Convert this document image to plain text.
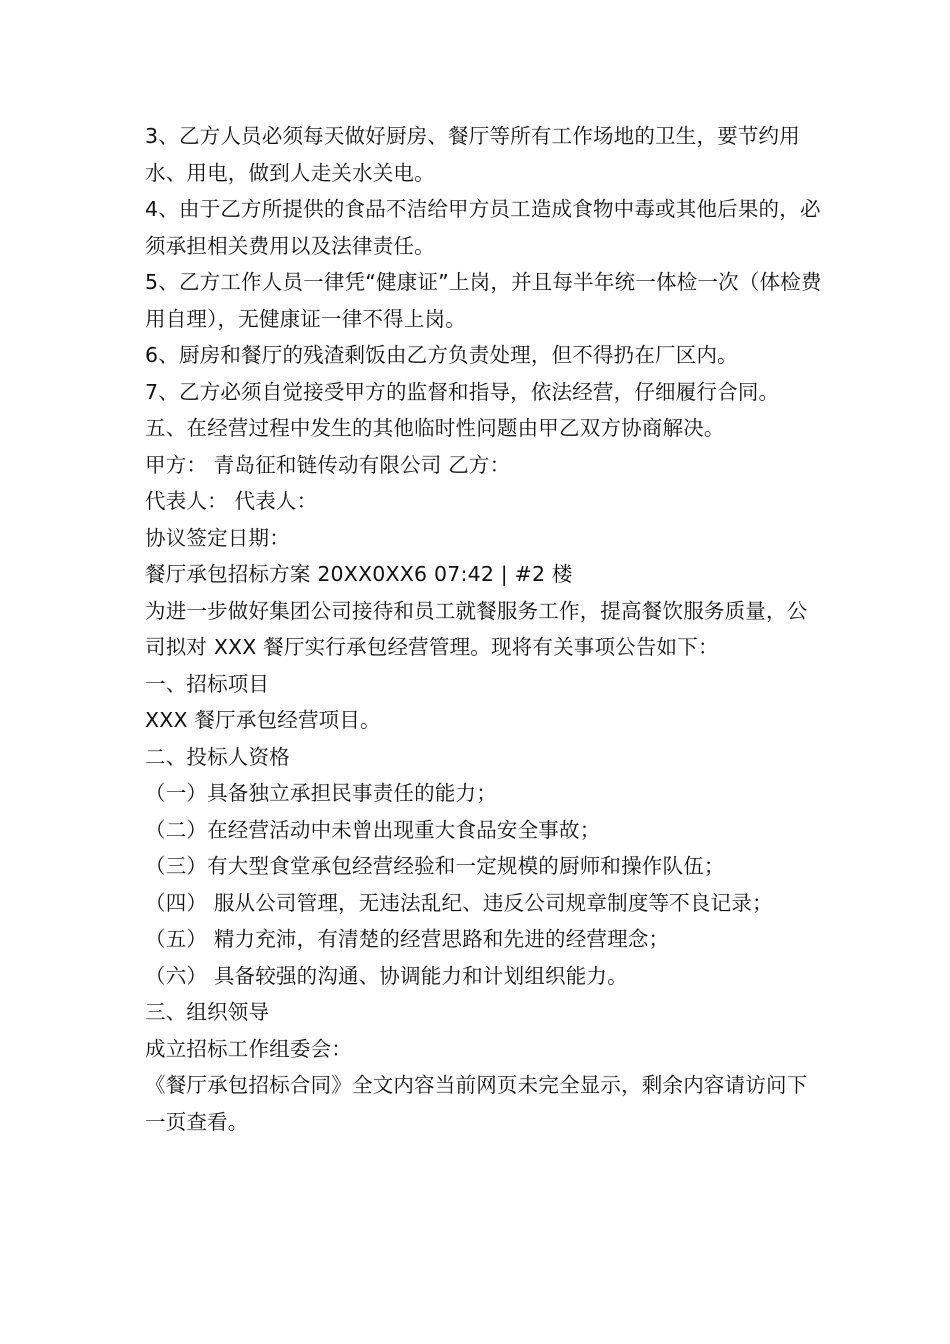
3、乙方人员必须每天做好厨房、餐厅等所有工作场地的卫生，要节约用水、用电，做到人走关水关电。

4、由于乙方所提供的食品不洁给甲方员工造成食物中毒或其他后果的，必须承担相关费用以及法律责任。

5、乙方工作人员一律凭“健康证”上岗，并且每半年统一体检一次（体检费用自理），无健康证一律不得上岗。

6、厨房和餐厅的残渣剩饭由乙方负责处理，但不得扔在厂区内。

7、乙方必须自觉接受甲方的监督和指导，依法经营，仔细履行合同。

五、在经营过程中发生的其他临时性问题由甲乙双方协商解决。

甲方： 青岛征和链传动有限公司 乙方：

代表人： 代表人：

协议签定日期：

餐厅承包招标方案 20XX0XX6 07:42 | #2 楼

为进一步做好集团公司接待和员工就餐服务工作，提高餐饮服务质量，公司拟对 XXX 餐厅实行承包经营管理。现将有关事项公告如下：

一、招标项目

XXX 餐厅承包经营项目。

二、投标人资格

（一）具备独立承担民事责任的能力；

（二）在经营活动中未曾出现重大食品安全事故；

（三）有大型食堂承包经营经验和一定规模的厨师和操作队伍；

（四） 服从公司管理，无违法乱纪、违反公司规章制度等不良记录；

（五） 精力充沛，有清楚的经营思路和先进的经营理念；

（六） 具备较强的沟通、协调能力和计划组织能力。

三、组织领导

成立招标工作组委会：

《餐厅承包招标合同》全文内容当前网页未完全显示，剩余内容请访问下一页查看。
